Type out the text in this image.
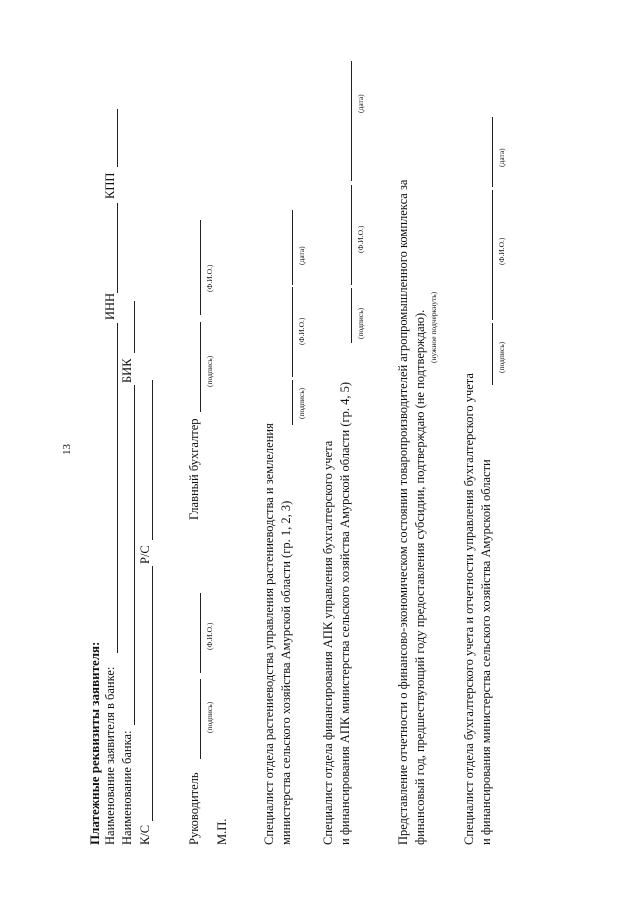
13
Платежные реквизиты заявителя: Наименование заявителя в банке:
ИНН
КПП
Наименование банка:
БИК
К/С
Р/С
Руководитель
Главный бухгалтер
М.П.
(подпись)
(Ф.И.О.)
(подпись)
(Ф.И.О.)
Специалист отдела растениеводства управления растениеводства и землеления министерства сельского хозяйства Амурской области (гр. 1, 2, 3)
(подпись)
(Ф.И.О.)
(дата)
Специалист отдела финансирования АПК управления бухгалтерского учета и финансирования АПК министерства сельского хозяйства Амурской области (гр. 4, 5)
(подпись)
(Ф.И.О.)
(дата)
Представление отчетности о финансово-экономическом состоянии товаропроизводителей агропромышленного комплекса за финансовый год, предшествующий году предоставления субсидии, подтверждаю (не подтверждаю). (нужное подчеркнуть)
Специалист отдела бухгалтерского учета и отчетности управления бухгалтерского учета и финансирования министерства сельского хозяйства Амурской области
(подпись)
(Ф.И.О.)
(дата)
